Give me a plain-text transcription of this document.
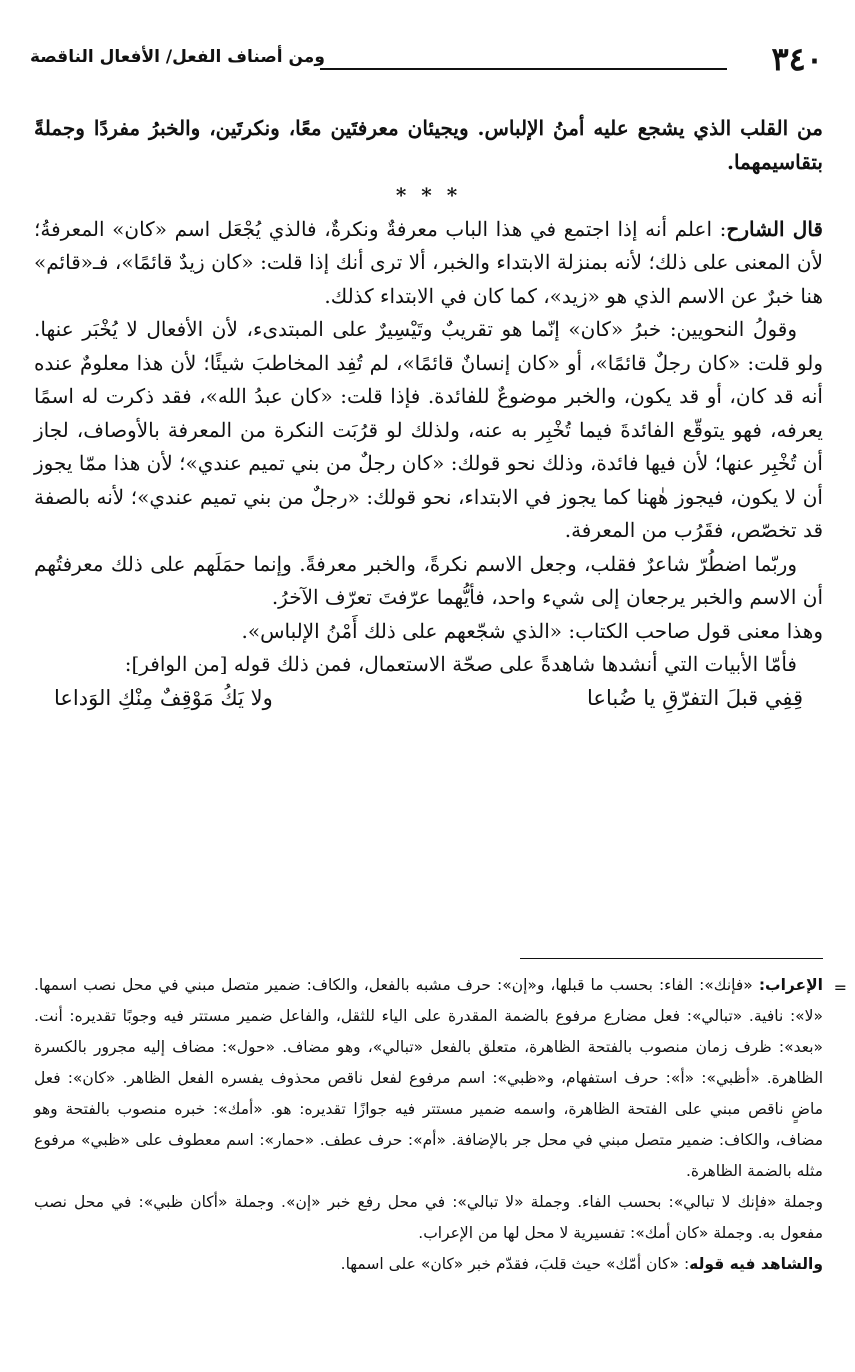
٣٤٠
ومن أصناف الفعل/ الأفعال الناقصة

من القلب الذي يشجع عليه أمنُ الإلباس. ويجيئان معرفتَين معًا، ونكرتَين، والخبرُ مفردًا وجملةً بتقاسيمهما.

* * *

قال الشارح: اعلم أنه إذا اجتمع في هذا الباب معرفةٌ ونكرةٌ، فالذي يُجْعَل اسم «كان» المعرفةُ؛ لأن المعنى على ذلك؛ لأنه بمنزلة الابتداء والخبر، ألا ترى أنك إذا قلت: «كان زيدٌ قائمًا»، فـ«قائم» هنا خبرٌ عن الاسم الذي هو «زيد»، كما كان في الابتداء كذلك.

وقولُ النحويين: خبرُ «كان» إنّما هو تقريبٌ وتَيْسِيرٌ على المبتدىء، لأن الأفعال لا يُخْبَر عنها. ولو قلت: «كان رجلٌ قائمًا»، أو «كان إنسانٌ قائمًا»، لم تُفِد المخاطبَ شيئًا؛ لأن هذا معلومٌ عنده أنه قد كان، أو قد يكون، والخبر موضوعٌ للفائدة. فإذا قلت: «كان عبدُ الله»، فقد ذكرت له اسمًا يعرفه، فهو يتوقّع الفائدةَ فيما تُخْبِر به عنه، ولذلك لو قرُبَت النكرة من المعرفة بالأوصاف، لجاز أن تُخْبِر عنها؛ لأن فيها فائدة، وذلك نحو قولك: «كان رجلٌ من بني تميم عندي»؛ لأن هذا ممّا يجوز أن لا يكون، فيجوز هٰهنا كما يجوز في الابتداء، نحو قولك: «رجلٌ من بني تميم عندي»؛ لأنه بالصفة قد تخصّص، فقَرُب من المعرفة.

وربّما اضطُرّ شاعرٌ فقلب، وجعل الاسم نكرةً، والخبر معرفةً. وإنما حمَلَهم على ذلك معرفتُهم أن الاسم والخبر يرجعان إلى شيء واحد، فأيُّهما عرّفتَ تعرّف الآخرُ.

وهذا معنى قول صاحب الكتاب: «الذي شجّعهم على ذلك أَمْنُ الإلباس».

فأمّا الأبيات التي أنشدها شاهدةً على صحّة الاستعمال، فمن ذلك قوله [من الوافر]:

قِفِي قبلَ التفرّقِ يا ضُباعا
ولا يَكُ مَوْقِفٌ مِنْكِ الوَداعا
=

الإعراب: «فإنك»: الفاء: بحسب ما قبلها، و«إن»: حرف مشبه بالفعل، والكاف: ضمير متصل مبني في محل نصب اسمها. «لا»: نافية. «تبالي»: فعل مضارع مرفوع بالضمة المقدرة على الياء للثقل، والفاعل ضمير مستتر فيه وجوبًا تقديره: أنت. «بعد»: ظرف زمان منصوب بالفتحة الظاهرة، متعلق بالفعل «تبالي»، وهو مضاف. «حول»: مضاف إليه مجرور بالكسرة الظاهرة. «أظبي»: «أ»: حرف استفهام، و«ظبي»: اسم مرفوع لفعل ناقص محذوف يفسره الفعل الظاهر. «كان»: فعل ماضٍ ناقص مبني على الفتحة الظاهرة، واسمه ضمير مستتر فيه جوازًا تقديره: هو. «أمك»: خبره منصوب بالفتحة وهو مضاف، والكاف: ضمير متصل مبني في محل جر بالإضافة. «أم»: حرف عطف. «حمار»: اسم معطوف على «ظبي» مرفوع مثله بالضمة الظاهرة.

وجملة «فإنك لا تبالي»: بحسب الفاء. وجملة «لا تبالي»: في محل رفع خبر «إن». وجملة «أكان ظبي»: في محل نصب مفعول به. وجملة «كان أمك»: تفسيرية لا محل لها من الإعراب.

والشاهد فيه قوله: «كان أمّك» حيث قلبَ، فقدّم خبر «كان» على اسمها.
